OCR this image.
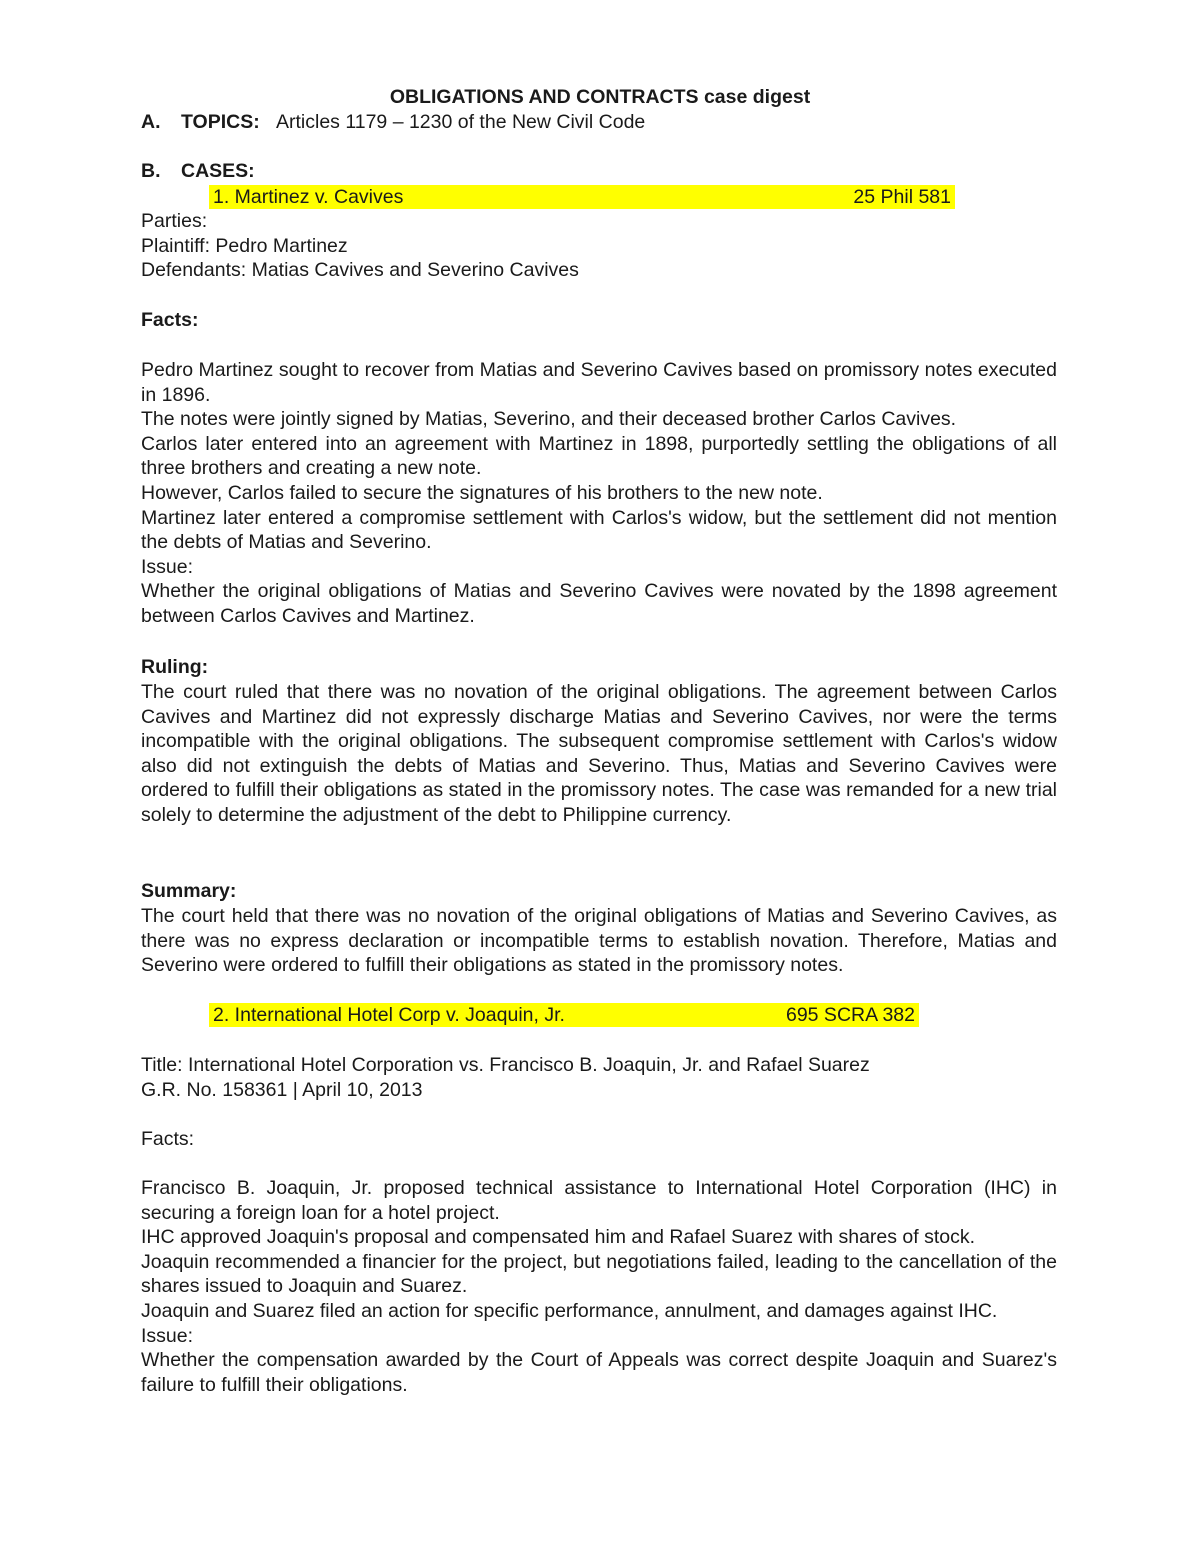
OBLIGATIONS AND CONTRACTS case digest
A. TOPICS: Articles 1179 – 1230 of the New Civil Code
B. CASES:
1. Martinez v. Cavives	25 Phil 581
Parties:
Plaintiff: Pedro Martinez
Defendants: Matias Cavives and Severino Cavives
Facts:

Pedro Martinez sought to recover from Matias and Severino Cavives based on promissory notes executed in 1896.

The notes were jointly signed by Matias, Severino, and their deceased brother Carlos Cavives.

Carlos later entered into an agreement with Martinez in 1898, purportedly settling the obligations of all three brothers and creating a new note.

However, Carlos failed to secure the signatures of his brothers to the new note.

Martinez later entered a compromise settlement with Carlos's widow, but the settlement did not mention the debts of Matias and Severino.

Issue:

Whether the original obligations of Matias and Severino Cavives were novated by the 1898 agreement between Carlos Cavives and Martinez.

Ruling:

The court ruled that there was no novation of the original obligations. The agreement between Carlos Cavives and Martinez did not expressly discharge Matias and Severino Cavives, nor were the terms incompatible with the original obligations. The subsequent compromise settlement with Carlos's widow also did not extinguish the debts of Matias and Severino. Thus, Matias and Severino Cavives were ordered to fulfill their obligations as stated in the promissory notes. The case was remanded for a new trial solely to determine the adjustment of the debt to Philippine currency.

Summary:

The court held that there was no novation of the original obligations of Matias and Severino Cavives, as there was no express declaration or incompatible terms to establish novation. Therefore, Matias and Severino were ordered to fulfill their obligations as stated in the promissory notes.

2. International Hotel Corp v. Joaquin, Jr.	695 SCRA 382
Title: International Hotel Corporation vs. Francisco B. Joaquin, Jr. and Rafael Suarez
G.R. No. 158361 | April 10, 2013
Facts:

Francisco B. Joaquin, Jr. proposed technical assistance to International Hotel Corporation (IHC) in securing a foreign loan for a hotel project.

IHC approved Joaquin's proposal and compensated him and Rafael Suarez with shares of stock.

Joaquin recommended a financier for the project, but negotiations failed, leading to the cancellation of the shares issued to Joaquin and Suarez.

Joaquin and Suarez filed an action for specific performance, annulment, and damages against IHC.

Issue:

Whether the compensation awarded by the Court of Appeals was correct despite Joaquin and Suarez's failure to fulfill their obligations.
